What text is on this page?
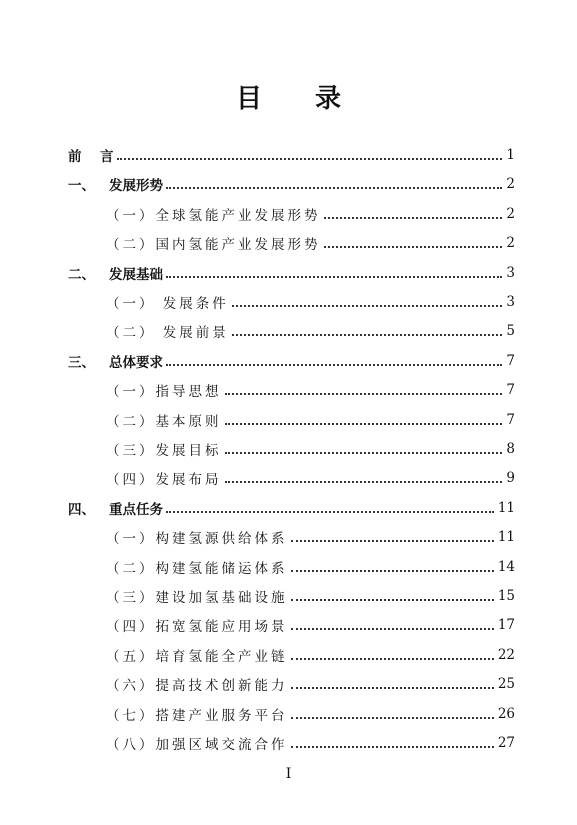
目 录
前 言	1
一、 发展形势	2
（一）全球氢能产业发展形势	2
（二）国内氢能产业发展形势	2
二、 发展基础	3
（一） 发展条件	3
（二） 发展前景	5
三、 总体要求	7
（一）指导思想	7
（二）基本原则	7
（三）发展目标	8
（四）发展布局	9
四、 重点任务	11
（一）构建氢源供给体系	11
（二）构建氢能储运体系	14
（三）建设加氢基础设施	15
（四）拓宽氢能应用场景	17
（五）培育氢能全产业链	22
（六）提高技术创新能力	25
（七）搭建产业服务平台	26
（八）加强区域交流合作	27
I
